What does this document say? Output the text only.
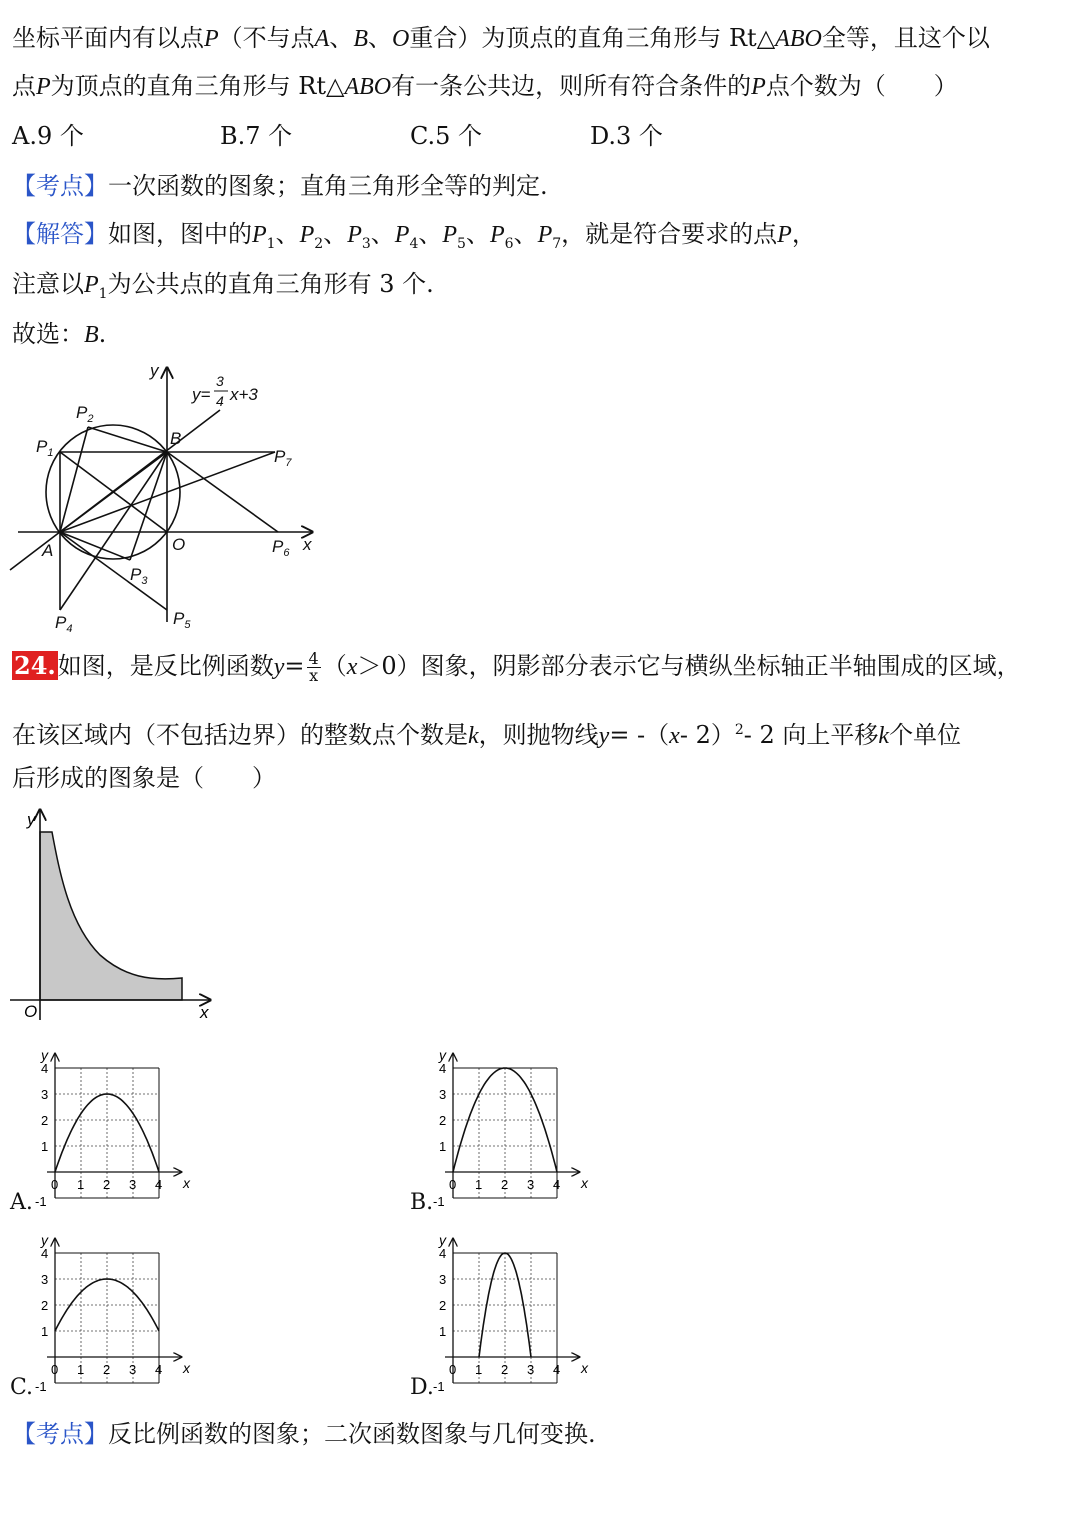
坐标平面内有以点P（不与点A、B、O重合）为顶点的直角三角形与 Rt△ABO全等，且这个以
点P为顶点的直角三角形与 Rt△ABO有一条公共边，则所有符合条件的P点个数为（　　）
A.9 个	B.7 个	C.5 个	D.3 个
【考点】一次函数的图象；直角三角形全等的判定.
【解答】如图，图中的$P_1$、$P_2$、$P_3$、$P_4$、$P_5$、$P_6$、$P_7$，就是符合要求的点P，
注意以$P_1$为公共点的直角三角形有 3 个.
故选：B.
y
x
B
A	O
$P_1$
$P_2$
$P_3$
$P_4$
$P_5$
$P_6$
$P_7$
y=
3
4 x+3
24.如图，是反比例函数$y= \frac{4}{x} (x>0)$图象，阴影部分表示它与横纵坐标轴正半轴围成的区域，
在该区域内（不包括边界）的整数点个数是k，则抛物线y= -（x- 2）$^2$- 2 向上平移k个单位
后形成的图象是（　　）
y
x
O
A.	B.
C.	D.
4
3
2
1
0 1 2 3 4
-1
y
x
4
3
2
1
0 1 2 3 4
-1
y
x
4
3
2
1
0 1 2 3 4
-1
y
x
4
3
2
1
0 1 2 3 4
-1
y
x
【考点】反比例函数的图象；二次函数图象与几何变换.
